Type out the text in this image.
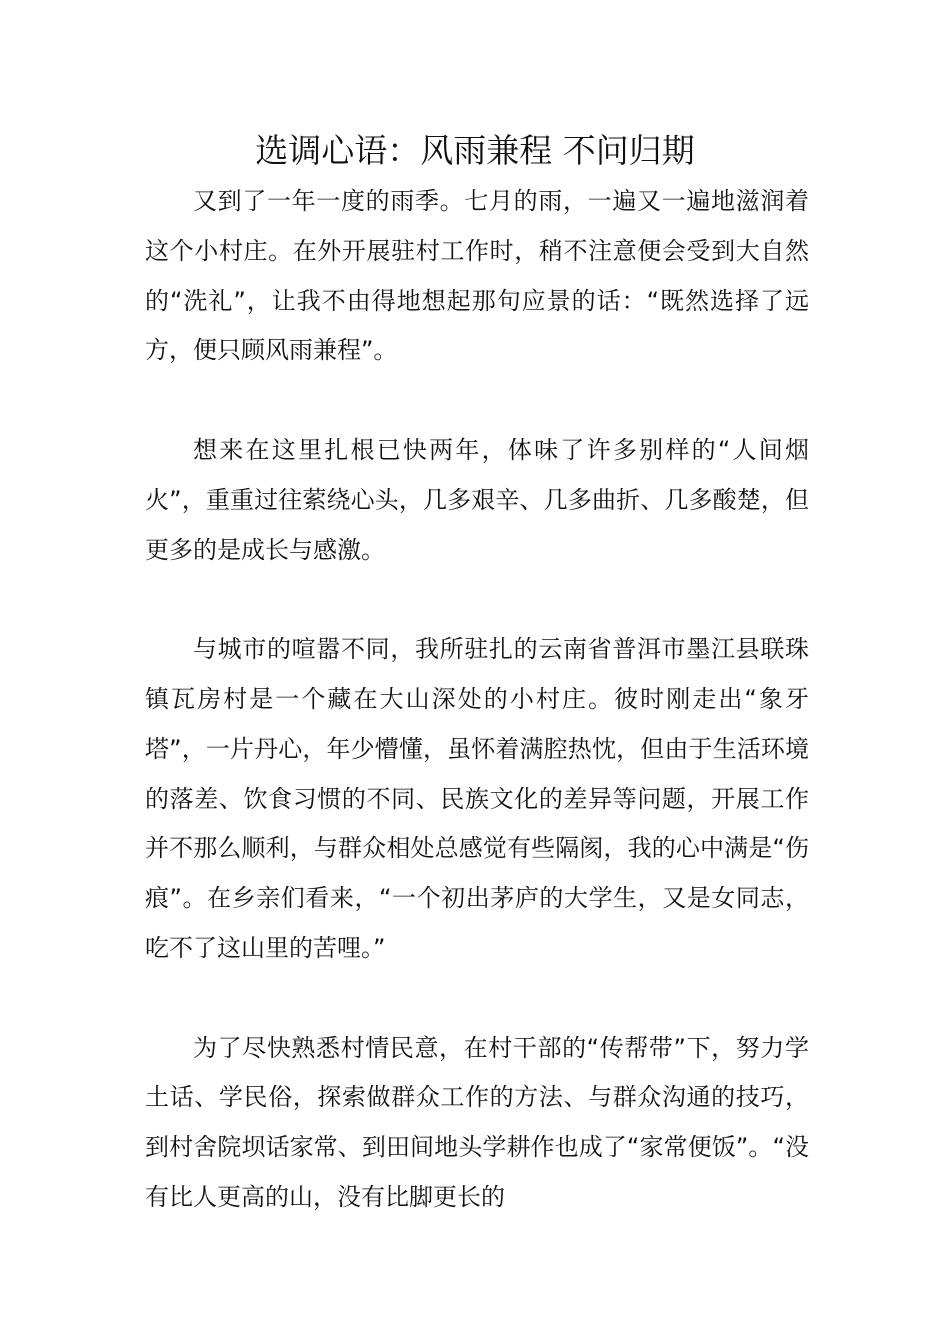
选调心语：风雨兼程 不问归期

又到了一年一度的雨季。七月的雨，一遍又一遍地滋润着这个小村庄。在外开展驻村工作时，稍不注意便会受到大自然的“洗礼”，让我不由得地想起那句应景的话：“既然选择了远方，便只顾风雨兼程”。

想来在这里扎根已快两年，体味了许多别样的“人间烟火”，重重过往萦绕心头，几多艰辛、几多曲折、几多酸楚，但更多的是成长与感激。

与城市的喧嚣不同，我所驻扎的云南省普洱市墨江县联珠镇瓦房村是一个藏在大山深处的小村庄。彼时刚走出“象牙塔”，一片丹心，年少懵懂，虽怀着满腔热忱，但由于生活环境的落差、饮食习惯的不同、民族文化的差异等问题，开展工作并不那么顺利，与群众相处总感觉有些隔阂，我的心中满是“伤痕”。在乡亲们看来，“一个初出茅庐的大学生，又是女同志，吃不了这山里的苦哩。”

为了尽快熟悉村情民意，在村干部的“传帮带”下，努力学土话、学民俗，探索做群众工作的方法、与群众沟通的技巧，到村舍院坝话家常、到田间地头学耕作也成了“家常便饭”。“没有比人更高的山，没有比脚更长的
